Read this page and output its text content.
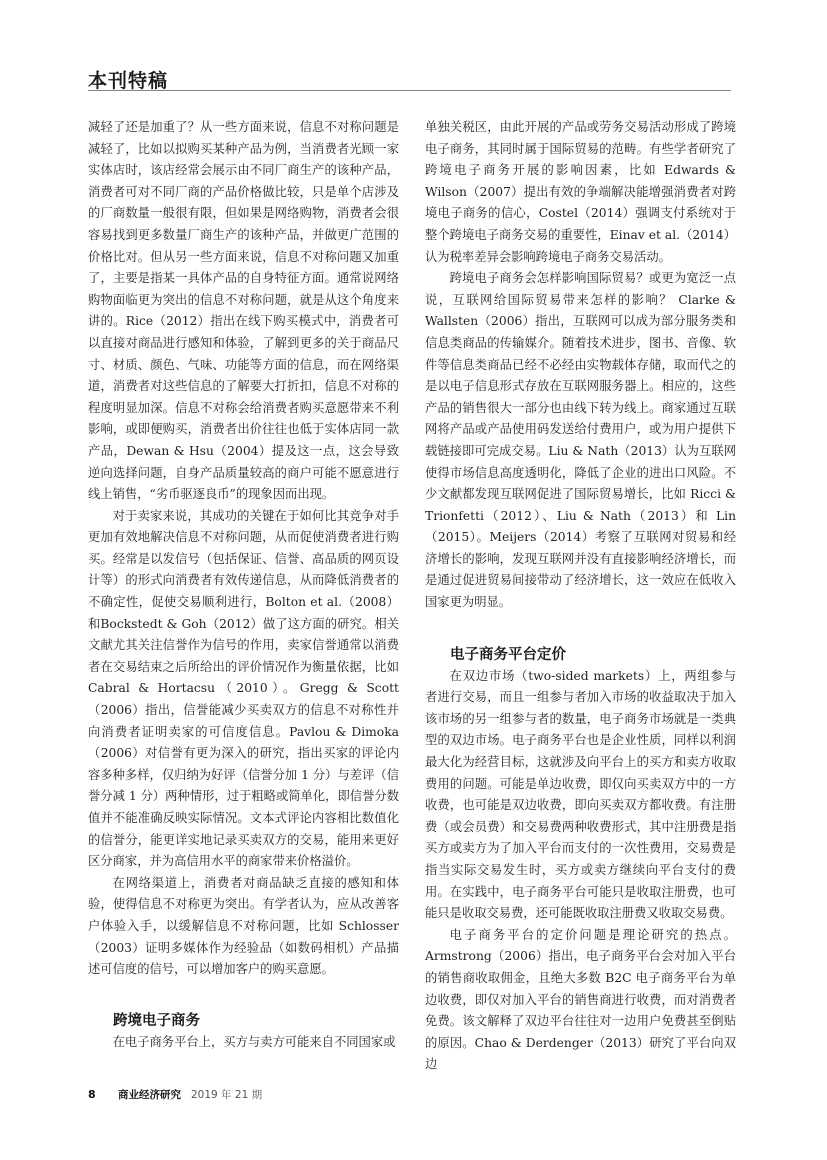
本刊特稿

减轻了还是加重了？从一些方面来说，信息不对称问题是减轻了，比如以拟购买某种产品为例，当消费者光顾一家实体店时，该店经常会展示由不同厂商生产的该种产品，消费者可对不同厂商的产品价格做比较，只是单个店涉及的厂商数量一般很有限，但如果是网络购物，消费者会很容易找到更多数量厂商生产的该种产品，并做更广范围的价格比对。但从另一些方面来说，信息不对称问题又加重了，主要是指某一具体产品的自身特征方面。通常说网络购物面临更为突出的信息不对称问题，就是从这个角度来讲的。Rice（2012）指出在线下购买模式中，消费者可以直接对商品进行感知和体验，了解到更多的关于商品尺寸、材质、颜色、气味、功能等方面的信息，而在网络渠道，消费者对这些信息的了解要大打折扣，信息不对称的程度明显加深。信息不对称会给消费者购买意愿带来不利影响，或即便购买，消费者出价往往也低于实体店同一款产品，Dewan & Hsu（2004）提及这一点，这会导致逆向选择问题，自身产品质量较高的商户可能不愿意进行线上销售，“劣币驱逐良币”的现象因而出现。

对于卖家来说，其成功的关键在于如何比其竞争对手更加有效地解决信息不对称问题，从而促使消费者进行购买。经常是以发信号（包括保证、信誉、高品质的网页设计等）的形式向消费者有效传递信息，从而降低消费者的不确定性，促使交易顺利进行，Bolton et al.（2008）和Bockstedt & Goh（2012）做了这方面的研究。相关文献尤其关注信誉作为信号的作用，卖家信誉通常以消费者在交易结束之后所给出的评价情况作为衡量依据，比如 Cabral & Hortacsu（2010）。Gregg & Scott（2006）指出，信誉能减少买卖双方的信息不对称性并向消费者证明卖家的可信度信息。Pavlou & Dimoka（2006）对信誉有更为深入的研究，指出买家的评论内容多种多样，仅归纳为好评（信誉分加 1 分）与差评（信誉分减 1 分）两种情形，过于粗略或简单化，即信誉分数值并不能准确反映实际情况。文本式评论内容相比数值化的信誉分，能更详实地记录买卖双方的交易，能用来更好区分商家，并为高信用水平的商家带来价格溢价。

在网络渠道上，消费者对商品缺乏直接的感知和体验，使得信息不对称更为突出。有学者认为，应从改善客户体验入手，以缓解信息不对称问题，比如 Schlosser（2003）证明多媒体作为经验品（如数码相机）产品描述可信度的信号，可以增加客户的购买意愿。

跨境电子商务

在电子商务平台上，买方与卖方可能来自不同国家或

单独关税区，由此开展的产品或劳务交易活动形成了跨境电子商务，其同时属于国际贸易的范畴。有些学者研究了跨境电子商务开展的影响因素，比如 Edwards & Wilson（2007）提出有效的争端解决能增强消费者对跨境电子商务的信心，Costel（2014）强调支付系统对于整个跨境电子商务交易的重要性，Einav et al.（2014）认为税率差异会影响跨境电子商务交易活动。

跨境电子商务会怎样影响国际贸易？或更为宽泛一点说，互联网给国际贸易带来怎样的影响？ Clarke & Wallsten（2006）指出，互联网可以成为部分服务类和信息类商品的传输媒介。随着技术进步，图书、音像、软件等信息类商品已经不必经由实物载体存储，取而代之的是以电子信息形式存放在互联网服务器上。相应的，这些产品的销售很大一部分也由线下转为线上。商家通过互联网将产品或产品使用码发送给付费用户，或为用户提供下载链接即可完成交易。Liu & Nath（2013）认为互联网使得市场信息高度透明化，降低了企业的进出口风险。不少文献都发现互联网促进了国际贸易增长，比如 Ricci & Trionfetti（2012）、Liu & Nath（2013）和 Lin（2015）。Meijers（2014）考察了互联网对贸易和经济增长的影响，发现互联网并没有直接影响经济增长，而是通过促进贸易间接带动了经济增长，这一效应在低收入国家更为明显。

电子商务平台定价

在双边市场（two-sided markets）上，两组参与者进行交易，而且一组参与者加入市场的收益取决于加入该市场的另一组参与者的数量，电子商务市场就是一类典型的双边市场。电子商务平台也是企业性质，同样以利润最大化为经营目标，这就涉及向平台上的买方和卖方收取费用的问题。可能是单边收费，即仅向买卖双方中的一方收费，也可能是双边收费，即向买卖双方都收费。有注册费（或会员费）和交易费两种收费形式，其中注册费是指买方或卖方为了加入平台而支付的一次性费用，交易费是指当实际交易发生时，买方或卖方继续向平台支付的费用。在实践中，电子商务平台可能只是收取注册费，也可能只是收取交易费，还可能既收取注册费又收取交易费。

电子商务平台的定价问题是理论研究的热点。Armstrong（2006）指出，电子商务平台会对加入平台的销售商收取佣金，且绝大多数 B2C 电子商务平台为单边收费，即仅对加入平台的销售商进行收费，而对消费者免费。该文解释了双边平台往往对一边用户免费甚至倒贴的原因。Chao & Derdenger（2013）研究了平台向双边

8	商业经济研究 2019 年 21 期
